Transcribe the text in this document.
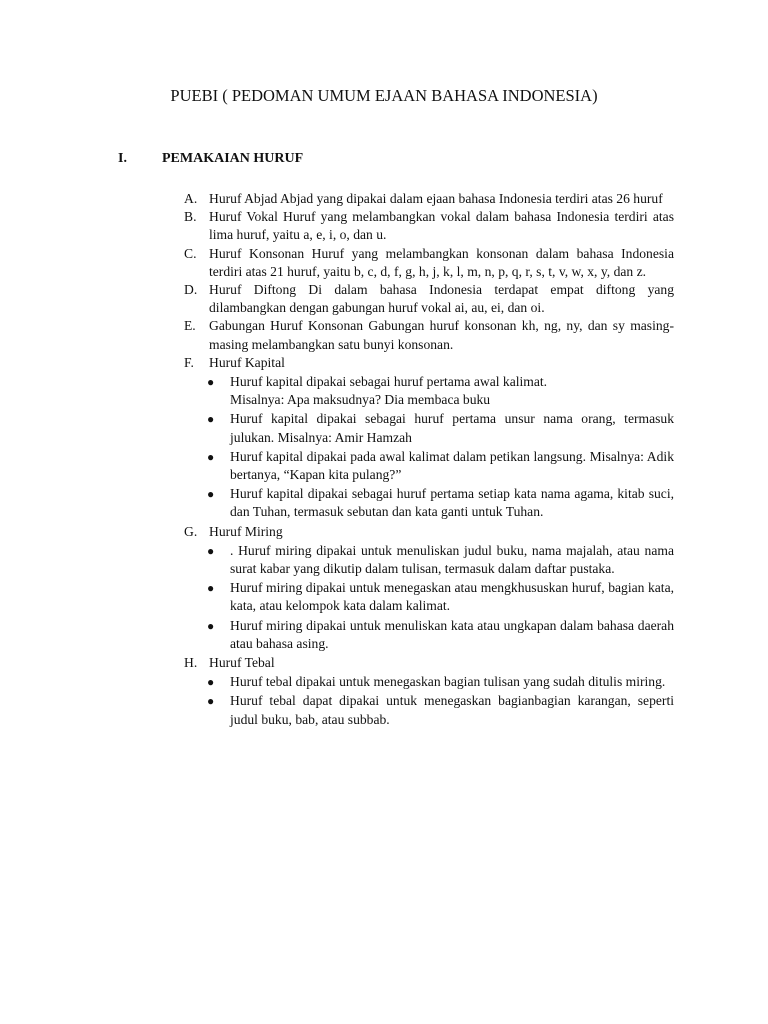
PUEBI ( PEDOMAN UMUM EJAAN BAHASA INDONESIA)
I.	PEMAKAIAN HURUF
A. Huruf Abjad Abjad yang dipakai dalam ejaan bahasa Indonesia terdiri atas 26 huruf
B. Huruf Vokal Huruf yang melambangkan vokal dalam bahasa Indonesia terdiri atas lima huruf, yaitu a, e, i, o, dan u.
C. Huruf Konsonan Huruf yang melambangkan konsonan dalam bahasa Indonesia terdiri atas 21 huruf, yaitu b, c, d, f, g, h, j, k, l, m, n, p, q, r, s, t, v, w, x, y, dan z.
D. Huruf Diftong Di dalam bahasa Indonesia terdapat empat diftong yang dilambangkan dengan gabungan huruf vokal ai, au, ei, dan oi.
E. Gabungan Huruf Konsonan Gabungan huruf konsonan kh, ng, ny, dan sy masing-masing melambangkan satu bunyi konsonan.
F. Huruf Kapital
● Huruf kapital dipakai sebagai huruf pertama awal kalimat.
Misalnya: Apa maksudnya? Dia membaca buku
● Huruf kapital dipakai sebagai huruf pertama unsur nama orang, termasuk julukan. Misalnya: Amir Hamzah
● Huruf kapital dipakai pada awal kalimat dalam petikan langsung. Misalnya: Adik bertanya, “Kapan kita pulang?”
● Huruf kapital dipakai sebagai huruf pertama setiap kata nama agama, kitab suci, dan Tuhan, termasuk sebutan dan kata ganti untuk Tuhan.
G. Huruf Miring
● . Huruf miring dipakai untuk menuliskan judul buku, nama majalah, atau nama surat kabar yang dikutip dalam tulisan, termasuk dalam daftar pustaka.
● Huruf miring dipakai untuk menegaskan atau mengkhususkan huruf, bagian kata, kata, atau kelompok kata dalam kalimat.
● Huruf miring dipakai untuk menuliskan kata atau ungkapan dalam bahasa daerah atau bahasa asing.
H. Huruf Tebal
● Huruf tebal dipakai untuk menegaskan bagian tulisan yang sudah ditulis miring.
● Huruf tebal dapat dipakai untuk menegaskan bagianbagian karangan, seperti judul buku, bab, atau subbab.
